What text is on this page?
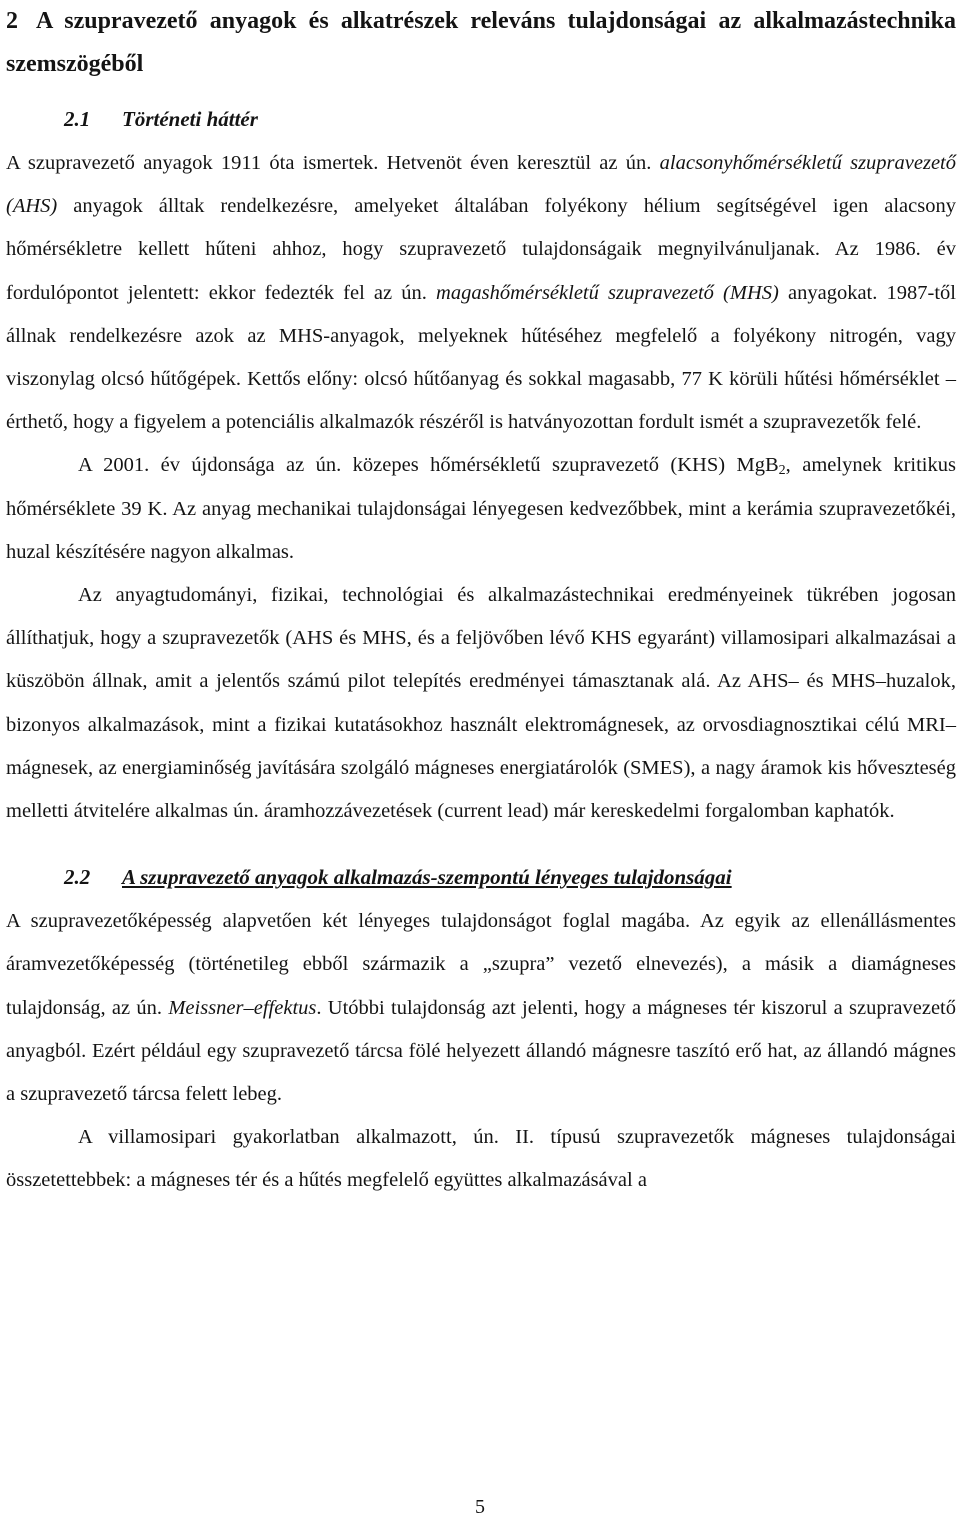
2 A szupravezető anyagok és alkatrészek releváns tulajdonságai az alkalmazástechnika szemszögéből
2.1 Történeti háttér

A szupravezető anyagok 1911 óta ismertek. Hetvenöt éven keresztül az ún. alacsonyhőmérsékletű szupravezető (AHS) anyagok álltak rendelkezésre, amelyeket általában folyékony hélium segítségével igen alacsony hőmérsékletre kellett hűteni ahhoz, hogy szupravezető tulajdonságaik megnyilvánuljanak. Az 1986. év fordulópontot jelentett: ekkor fedezték fel az ún. magashőmérsékletű szupravezető (MHS) anyagokat. 1987-től állnak rendelkezésre azok az MHS-anyagok, melyeknek hűtéséhez megfelelő a folyékony nitrogén, vagy viszonylag olcsó hűtőgépek. Kettős előny: olcsó hűtőanyag és sokkal magasabb, 77 K körüli hűtési hőmérséklet – érthető, hogy a figyelem a potenciális alkalmazók részéről is hatványozottan fordult ismét a szupravezetők felé.

A 2001. év újdonsága az ún. közepes hőmérsékletű szupravezető (KHS) MgB$_2$, amelynek kritikus hőmérséklete 39 K. Az anyag mechanikai tulajdonságai lényegesen kedvezőbbek, mint a kerámia szupravezetőkéi, huzal készítésére nagyon alkalmas.

Az anyagtudományi, fizikai, technológiai és alkalmazástechnikai eredményeinek tükrében jogosan állíthatjuk, hogy a szupravezetők (AHS és MHS, és a feljövőben lévő KHS egyaránt) villamosipari alkalmazásai a küszöbön állnak, amit a jelentős számú pilot telepítés eredményei támasztanak alá. Az AHS– és MHS–huzalok, bizonyos alkalmazások, mint a fizikai kutatásokhoz használt elektromágnesek, az orvosdiagnosztikai célú MRI– mágnesek, az energiaminőség javítására szolgáló mágneses energiatárolók (SMES), a nagy áramok kis hőveszteség melletti átvitelére alkalmas ún. áramhozzávezetések (current lead) már kereskedelmi forgalomban kaphatók.

2.2 A szupravezető anyagok alkalmazás-szempontú lényeges tulajdonságai

A szupravezetőképesség alapvetően két lényeges tulajdonságot foglal magába. Az egyik az ellenállásmentes áramvezetőképesség (történetileg ebből származik a „szupra” vezető elnevezés), a másik a diamágneses tulajdonság, az ún. Meissner–effektus. Utóbbi tulajdonság azt jelenti, hogy a mágneses tér kiszorul a szupravezető anyagból. Ezért például egy szupravezető tárcsa fölé helyezett állandó mágnesre taszító erő hat, az állandó mágnes a szupravezető tárcsa felett lebeg.

A villamosipari gyakorlatban alkalmazott, ún. II. típusú szupravezetők mágneses tulajdonságai összetettebbek: a mágneses tér és a hűtés megfelelő együttes alkalmazásával a

5
